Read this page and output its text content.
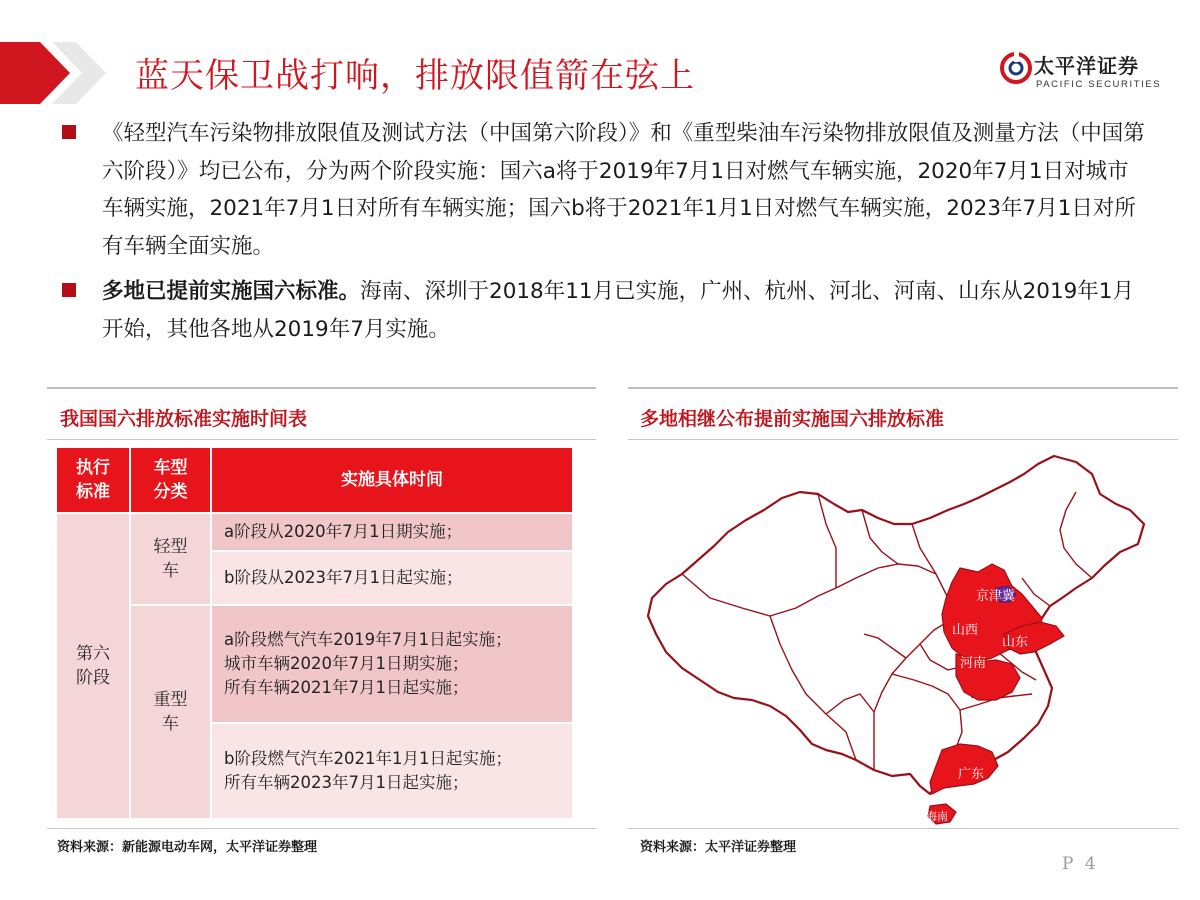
蓝天保卫战打响，排放限值箭在弦上	太平洋证券
PACIFIC SECURITIES
《轻型汽车污染物排放限值及测试方法（中国第六阶段）》和《重型柴油车污染物排放限值及测量方法（中国第六阶段）》均已公布，分为两个阶段实施：国六a将于2019年7月1日对燃气车辆实施，2020年7月1日对城市车辆实施，2021年7月1日对所有车辆实施；国六b将于2021年1月1日对燃气车辆实施，2023年7月1日对所有车辆全面实施。
多地已提前实施国六标准。海南、深圳于2018年11月已实施，广州、杭州、河北、河南、山东从2019年1月开始，其他各地从2019年7月实施。
我国国六排放标准实施时间表
执行
标准
车型
分类
实施具体时间
第六
阶段
轻型
车
a阶段从2020年7月1日期实施；
b阶段从2023年7月1日起实施；
重型
车
a阶段燃气汽车2019年7月1日起实施；
城市车辆2020年7月1日期实施；
所有车辆2021年7月1日起实施；
b阶段燃气汽车2021年1月1日起实施；
所有车辆2023年7月1日起实施；
资料来源：新能源电动车网，太平洋证券整理
多地相继公布提前实施国六排放标准
京津冀
山西
山东
河南
广东
海南
资料来源：太平洋证券整理
P 4
